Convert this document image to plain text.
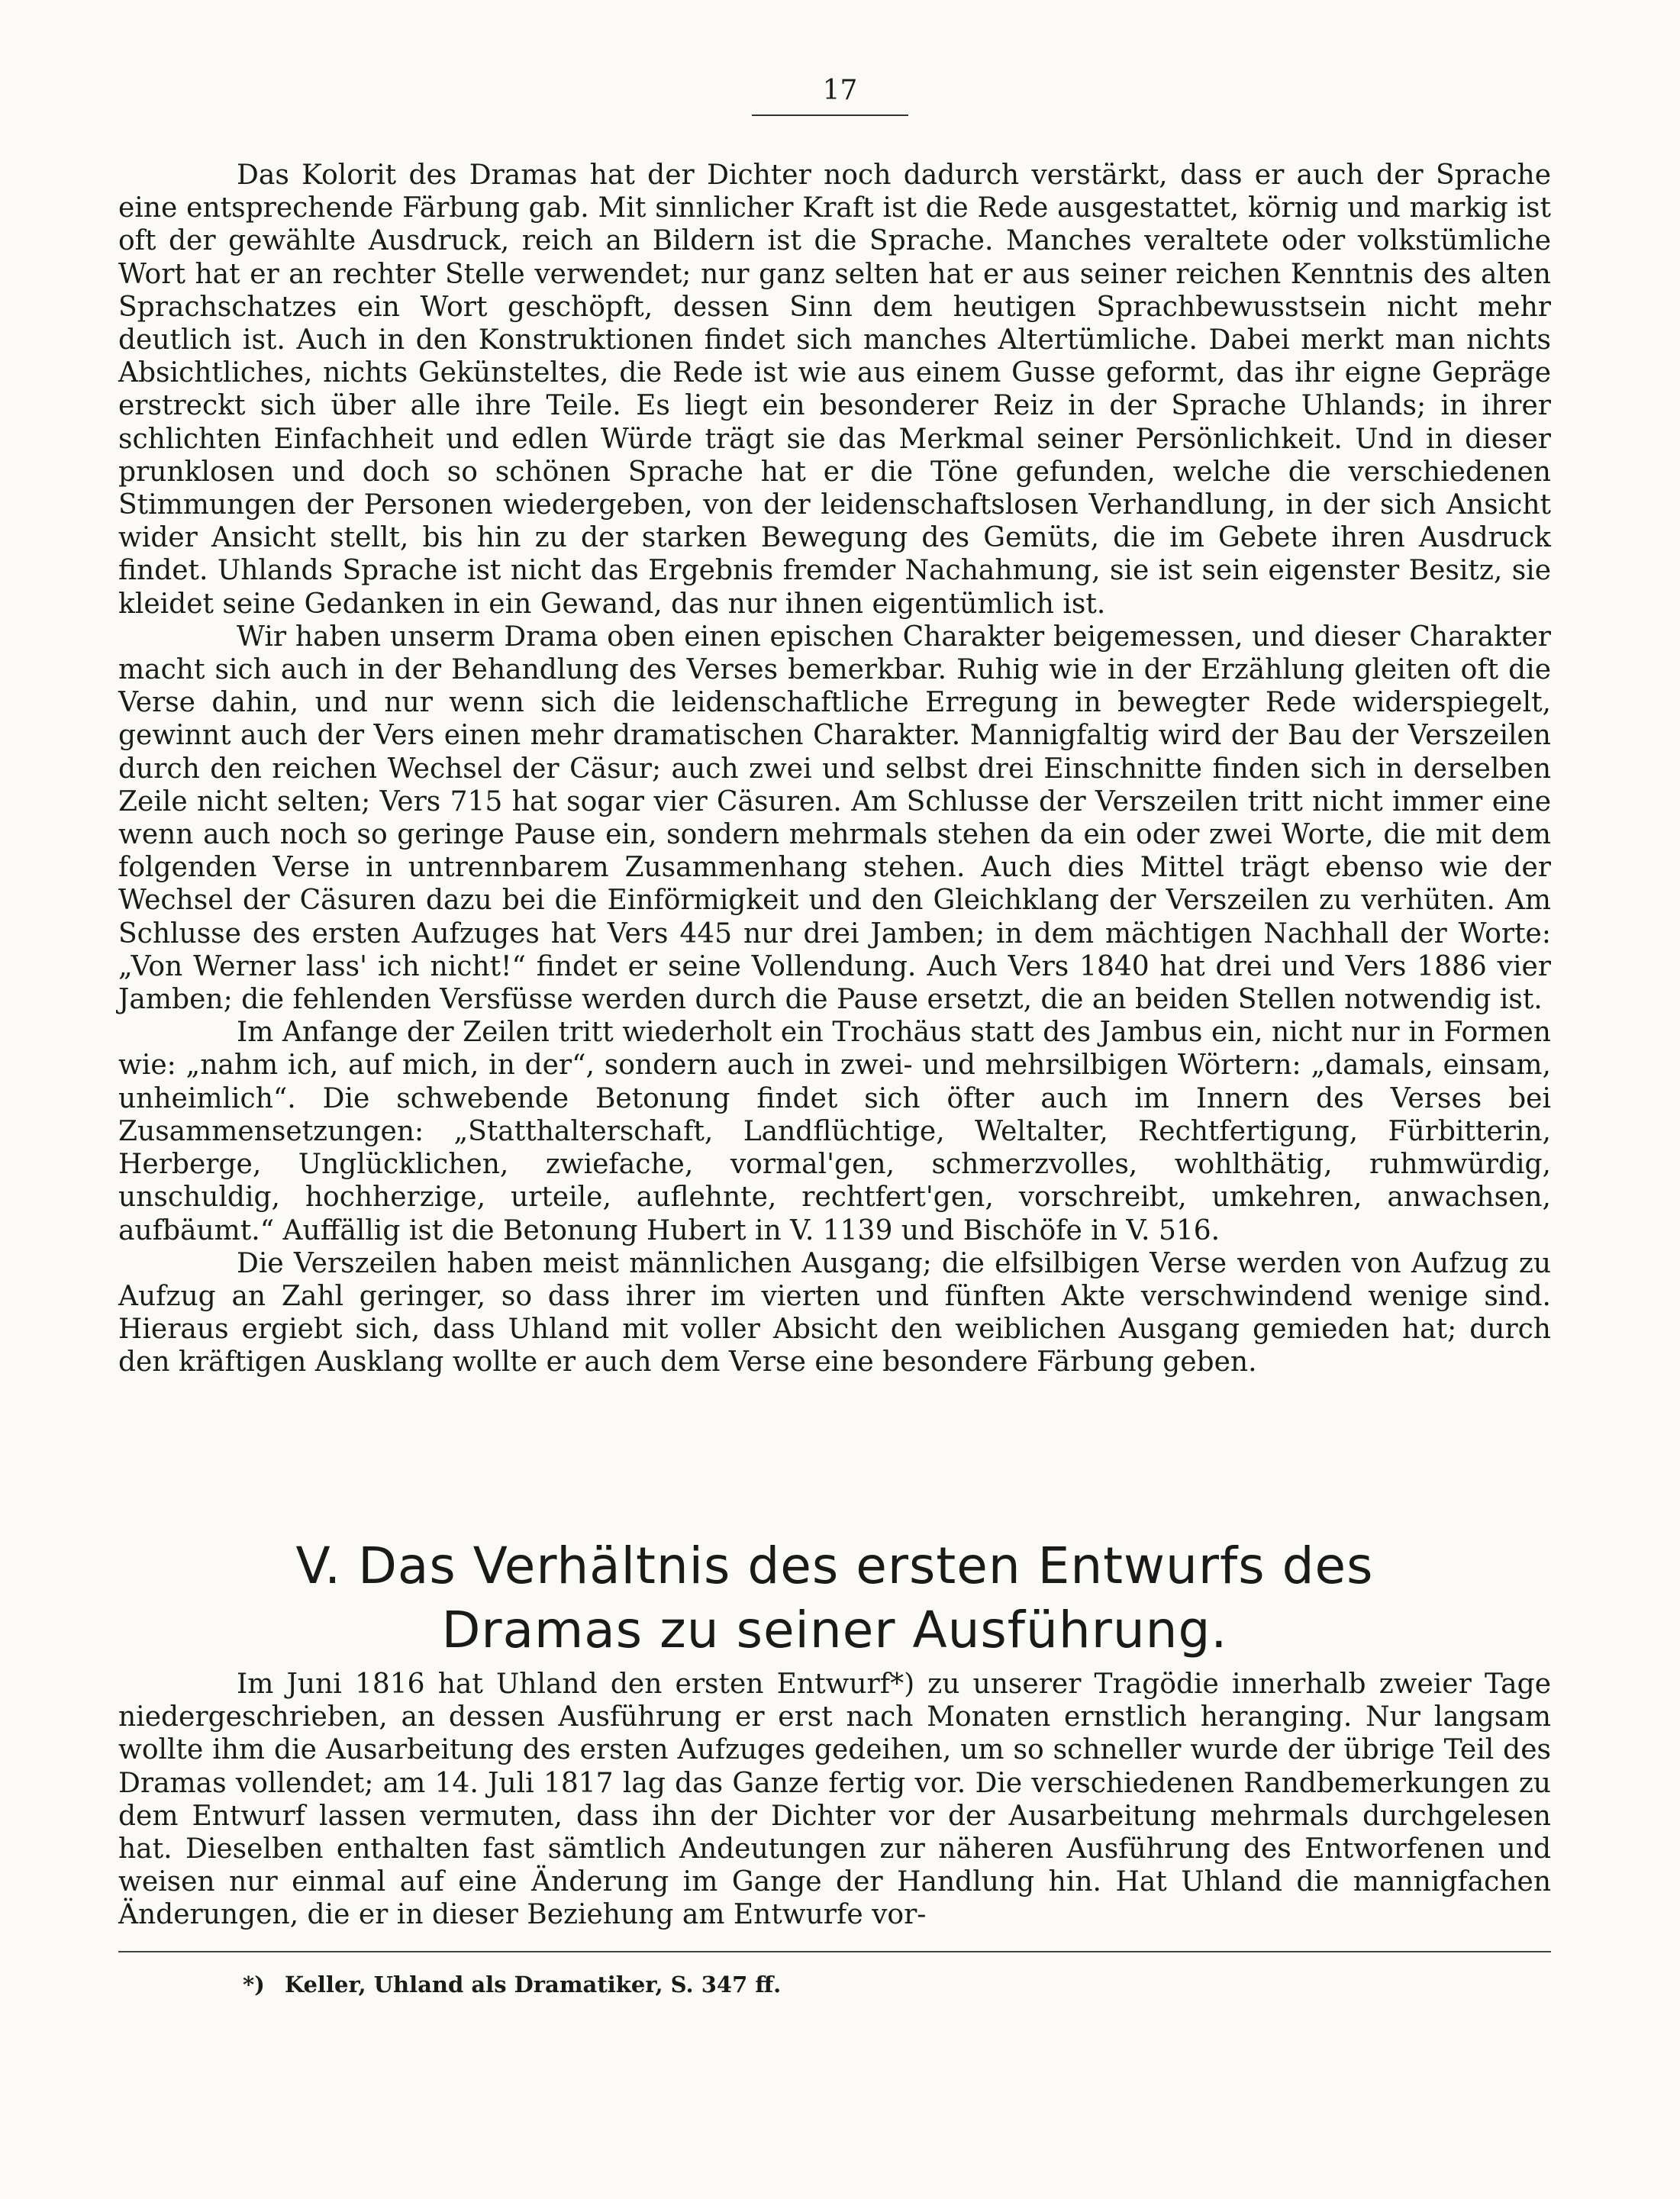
17

Das Kolorit des Dramas hat der Dichter noch dadurch verstärkt, dass er auch der Sprache eine entsprechende Färbung gab. Mit sinnlicher Kraft ist die Rede ausgestattet, körnig und markig ist oft der gewählte Ausdruck, reich an Bildern ist die Sprache. Manches veraltete oder volkstümliche Wort hat er an rechter Stelle verwendet; nur ganz selten hat er aus seiner reichen Kenntnis des alten Sprachschatzes ein Wort geschöpft, dessen Sinn dem heutigen Sprachbewusstsein nicht mehr deutlich ist. Auch in den Konstruktionen findet sich manches Altertümliche. Dabei merkt man nichts Absichtliches, nichts Gekünsteltes, die Rede ist wie aus einem Gusse geformt, das ihr eigne Gepräge erstreckt sich über alle ihre Teile. Es liegt ein besonderer Reiz in der Sprache Uhlands; in ihrer schlichten Einfachheit und edlen Würde trägt sie das Merkmal seiner Persönlichkeit. Und in dieser prunklosen und doch so schönen Sprache hat er die Töne gefunden, welche die verschiedenen Stimmungen der Personen wiedergeben, von der leidenschaftslosen Verhandlung, in der sich Ansicht wider Ansicht stellt, bis hin zu der starken Bewegung des Gemüts, die im Gebete ihren Ausdruck findet. Uhlands Sprache ist nicht das Ergebnis fremder Nachahmung, sie ist sein eigenster Besitz, sie kleidet seine Gedanken in ein Gewand, das nur ihnen eigentümlich ist.

Wir haben unserm Drama oben einen epischen Charakter beigemessen, und dieser Charakter macht sich auch in der Behandlung des Verses bemerkbar. Ruhig wie in der Erzählung gleiten oft die Verse dahin, und nur wenn sich die leidenschaftliche Erregung in bewegter Rede widerspiegelt, gewinnt auch der Vers einen mehr dramatischen Charakter. Mannigfaltig wird der Bau der Verszeilen durch den reichen Wechsel der Cäsur; auch zwei und selbst drei Einschnitte finden sich in derselben Zeile nicht selten; Vers 715 hat sogar vier Cäsuren. Am Schlusse der Verszeilen tritt nicht immer eine wenn auch noch so geringe Pause ein, sondern mehrmals stehen da ein oder zwei Worte, die mit dem folgenden Verse in untrennbarem Zusammenhang stehen. Auch dies Mittel trägt ebenso wie der Wechsel der Cäsuren dazu bei die Einförmigkeit und den Gleichklang der Verszeilen zu verhüten. Am Schlusse des ersten Aufzuges hat Vers 445 nur drei Jamben; in dem mächtigen Nachhall der Worte: „Von Werner lass' ich nicht!“ findet er seine Vollendung. Auch Vers 1840 hat drei und Vers 1886 vier Jamben; die fehlenden Versfüsse werden durch die Pause ersetzt, die an beiden Stellen notwendig ist.

Im Anfange der Zeilen tritt wiederholt ein Trochäus statt des Jambus ein, nicht nur in Formen wie: „nahm ich, auf mich, in der“, sondern auch in zwei- und mehrsilbigen Wörtern: „damals, einsam, unheimlich“. Die schwebende Betonung findet sich öfter auch im Innern des Verses bei Zusammensetzungen: „Statthalterschaft, Landflüchtige, Weltalter, Rechtfertigung, Fürbitterin, Herberge, Unglücklichen, zwiefache, vormal'gen, schmerzvolles, wohlthätig, ruhmwürdig, unschuldig, hochherzige, urteile, auflehnte, rechtfert'gen, vorschreibt, umkehren, anwachsen, aufbäumt.“ Auffällig ist die Betonung Hubert in V. 1139 und Bischöfe in V. 516.

Die Verszeilen haben meist männlichen Ausgang; die elfsilbigen Verse werden von Aufzug zu Aufzug an Zahl geringer, so dass ihrer im vierten und fünften Akte verschwindend wenige sind. Hieraus ergiebt sich, dass Uhland mit voller Absicht den weiblichen Ausgang gemieden hat; durch den kräftigen Ausklang wollte er auch dem Verse eine besondere Färbung geben.

V. Das Verhältnis des ersten Entwurfs des
Dramas zu seiner Ausführung.

Im Juni 1816 hat Uhland den ersten Entwurf*) zu unserer Tragödie innerhalb zweier Tage niedergeschrieben, an dessen Ausführung er erst nach Monaten ernstlich heranging. Nur langsam wollte ihm die Ausarbeitung des ersten Aufzuges gedeihen, um so schneller wurde der übrige Teil des Dramas vollendet; am 14. Juli 1817 lag das Ganze fertig vor. Die verschiedenen Randbemerkungen zu dem Entwurf lassen vermuten, dass ihn der Dichter vor der Ausarbeitung mehrmals durchgelesen hat. Dieselben enthalten fast sämtlich Andeutungen zur näheren Ausführung des Entworfenen und weisen nur einmal auf eine Änderung im Gange der Handlung hin. Hat Uhland die mannigfachen Änderungen, die er in dieser Beziehung am Entwurfe vor-

*) Keller, Uhland als Dramatiker, S. 347 ff.
